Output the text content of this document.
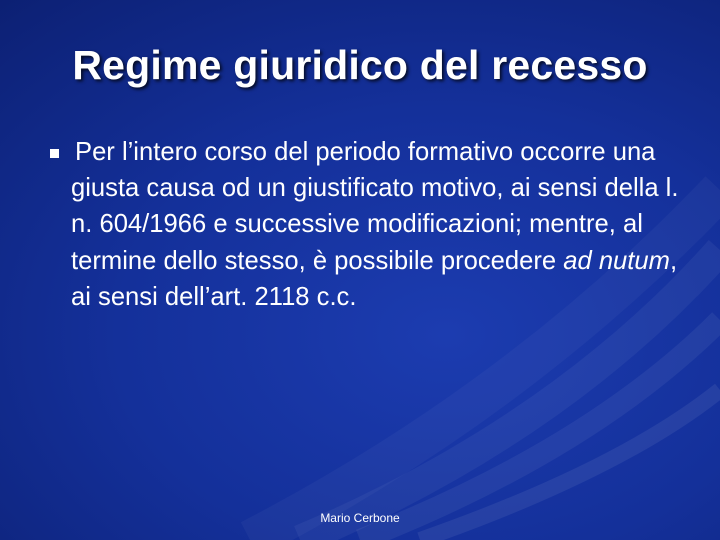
Regime giuridico del recesso
Per l’intero corso del periodo formativo occorre una giusta causa od un giustificato motivo, ai sensi della l. n. 604/1966 e successive modificazioni; mentre, al termine dello stesso, è possibile procedere ad nutum, ai sensi dell’art. 2118 c.c.
Mario Cerbone
